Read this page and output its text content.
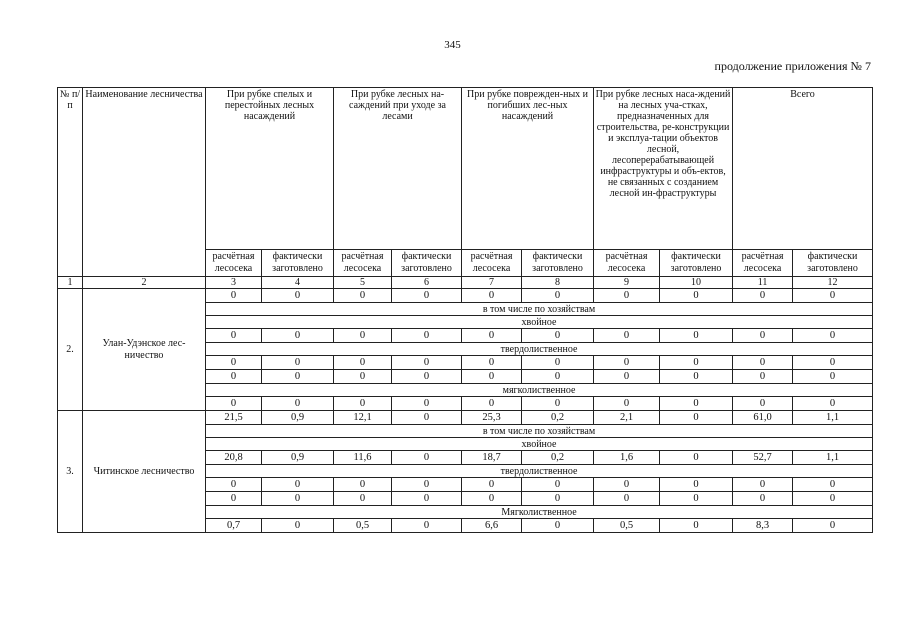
345
продолжение приложения № 7
№ п/п	Наименование лесничества	При рубке спелых и перестойных лесных насаждений		При рубке лесных на-саждений при уходе за лесами		При рубке поврежден-ных и погибших лес-ных насаждений		При рубке лесных наса-ждений на лесных уча-стках, предназначенных для строительства, ре-конструкции и эксплуа-тации объектов лесной, лесоперерабатывающей инфраструктуры и объ-ектов, не связанных с созданием лесной ин-фраструктуры		Всего	
		расчётная лесосека	фактически заготовлено	расчётная лесосека	фактически заготовлено	расчётная лесосека	фактически заготовлено	расчётная лесосека	фактически заготовлено	расчётная лесосека	фактически заготовлено
1	2	3	4	5	6	7	8	9	10	11	12
2.	Улан-Удэнское лес-ничество	0	0	0	0	0	0	0	0	0	0
		в том числе по хозяйствам									
		хвойное									
		0	0	0	0	0	0	0	0	0	0
		твердолиственное									
		0	0	0	0	0	0	0	0	0	0
		0	0	0	0	0	0	0	0	0	0
		мягколиственное									
		0	0	0	0	0	0	0	0	0	0
3.	Читинское лесничество	21,5	0,9	12,1	0	25,3	0,2	2,1	0	61,0	1,1
		в том числе по хозяйствам									
		хвойное									
		20,8	0,9	11,6	0	18,7	0,2	1,6	0	52,7	1,1
		твердолиственное									
		0	0	0	0	0	0	0	0	0	0
		0	0	0	0	0	0	0	0	0	0
		Мягколиственное									
		0,7	0	0,5	0	6,6	0	0,5	0	8,3	0
